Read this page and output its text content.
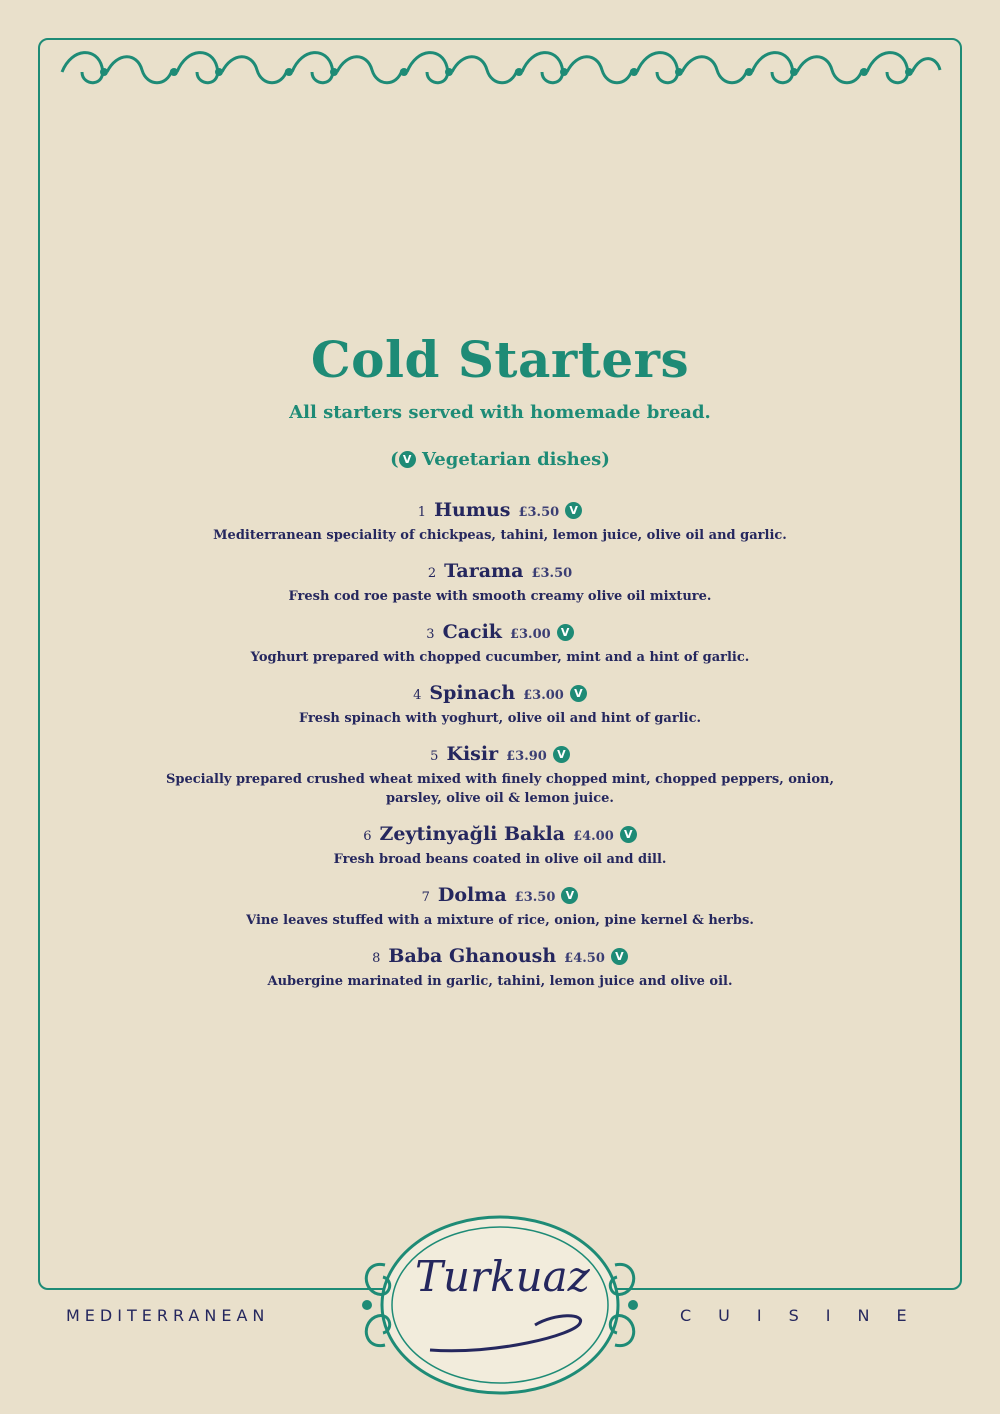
Cold Starters
All starters served with homemade bread.
( V Vegetarian dishes)
1 Humus £3.50 V
Mediterranean speciality of chickpeas, tahini, lemon juice, olive oil and garlic.
2 Tarama £3.50
Fresh cod roe paste with smooth creamy olive oil mixture.
3 Cacik £3.00 V
Yoghurt prepared with chopped cucumber, mint and a hint of garlic.
4 Spinach £3.00 V
Fresh spinach with yoghurt, olive oil and hint of garlic.
5 Kisir £3.90 V
Specially prepared crushed wheat mixed with finely chopped mint, chopped peppers, onion, parsley, olive oil & lemon juice.
6 Zeytinyağli Bakla £4.00 V
Fresh broad beans coated in olive oil and dill.
7 Dolma £3.50 V
Vine leaves stuffed with a mixture of rice, onion, pine kernel & herbs.
8 Baba Ghanoush £4.50 V
Aubergine marinated in garlic, tahini, lemon juice and olive oil.
Turkuaz
MEDITERRANEAN	CUISINE
